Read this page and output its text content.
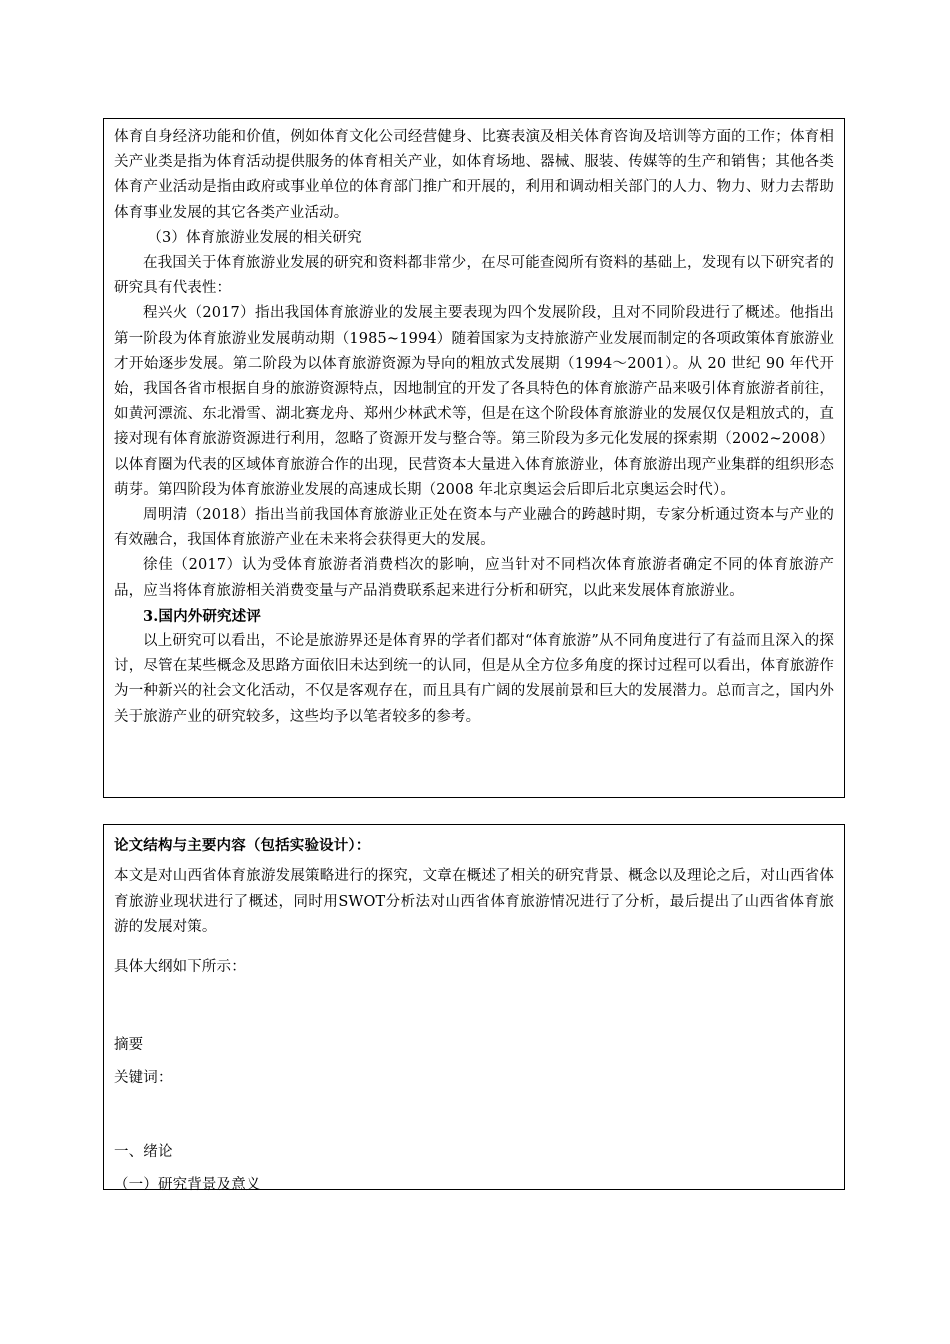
体育自身经济功能和价值，例如体育文化公司经营健身、比赛表演及相关体育咨询及培训等方面的工作；体育相关产业类是指为体育活动提供服务的体育相关产业，如体育场地、器械、服装、传媒等的生产和销售；其他各类体育产业活动是指由政府或事业单位的体育部门推广和开展的，利用和调动相关部门的人力、物力、财力去帮助体育事业发展的其它各类产业活动。

（3）体育旅游业发展的相关研究

在我国关于体育旅游业发展的研究和资料都非常少，在尽可能查阅所有资料的基础上，发现有以下研究者的研究具有代表性：

程兴火（2017）指出我国体育旅游业的发展主要表现为四个发展阶段，且对不同阶段进行了概述。他指出第一阶段为体育旅游业发展萌动期（1985~1994）随着国家为支持旅游产业发展而制定的各项政策体育旅游业才开始逐步发展。第二阶段为以体育旅游资源为导向的粗放式发展期（1994～2001）。从 20 世纪 90 年代开始，我国各省市根据自身的旅游资源特点，因地制宜的开发了各具特色的体育旅游产品来吸引体育旅游者前往，如黄河漂流、东北滑雪、湖北赛龙舟、郑州少林武术等，但是在这个阶段体育旅游业的发展仅仅是粗放式的，直接对现有体育旅游资源进行利用，忽略了资源开发与整合等。第三阶段为多元化发展的探索期（2002~2008）以体育圈为代表的区域体育旅游合作的出现，民营资本大量进入体育旅游业，体育旅游出现产业集群的组织形态萌芽。第四阶段为体育旅游业发展的高速成长期（2008 年北京奥运会后即后北京奥运会时代）。

周明清（2018）指出当前我国体育旅游业正处在资本与产业融合的跨越时期，专家分析通过资本与产业的有效融合，我国体育旅游产业在未来将会获得更大的发展。

徐佳（2017）认为受体育旅游者消费档次的影响，应当针对不同档次体育旅游者确定不同的体育旅游产品，应当将体育旅游相关消费变量与产品消费联系起来进行分析和研究，以此来发展体育旅游业。

3.国内外研究述评

以上研究可以看出，不论是旅游界还是体育界的学者们都对“体育旅游”从不同角度进行了有益而且深入的探讨，尽管在某些概念及思路方面依旧未达到统一的认同，但是从全方位多角度的探讨过程可以看出，体育旅游作为一种新兴的社会文化活动，不仅是客观存在，而且具有广阔的发展前景和巨大的发展潜力。总而言之，国内外关于旅游产业的研究较多，这些均予以笔者较多的参考。

论文结构与主要内容（包括实验设计）：

本文是对山西省体育旅游发展策略进行的探究，文章在概述了相关的研究背景、概念以及理论之后，对山西省体育旅游业现状进行了概述，同时用SWOT分析法对山西省体育旅游情况进行了分析，最后提出了山西省体育旅游的发展对策。

具体大纲如下所示：

摘要

关键词：

一、绪论

（一）研究背景及意义
